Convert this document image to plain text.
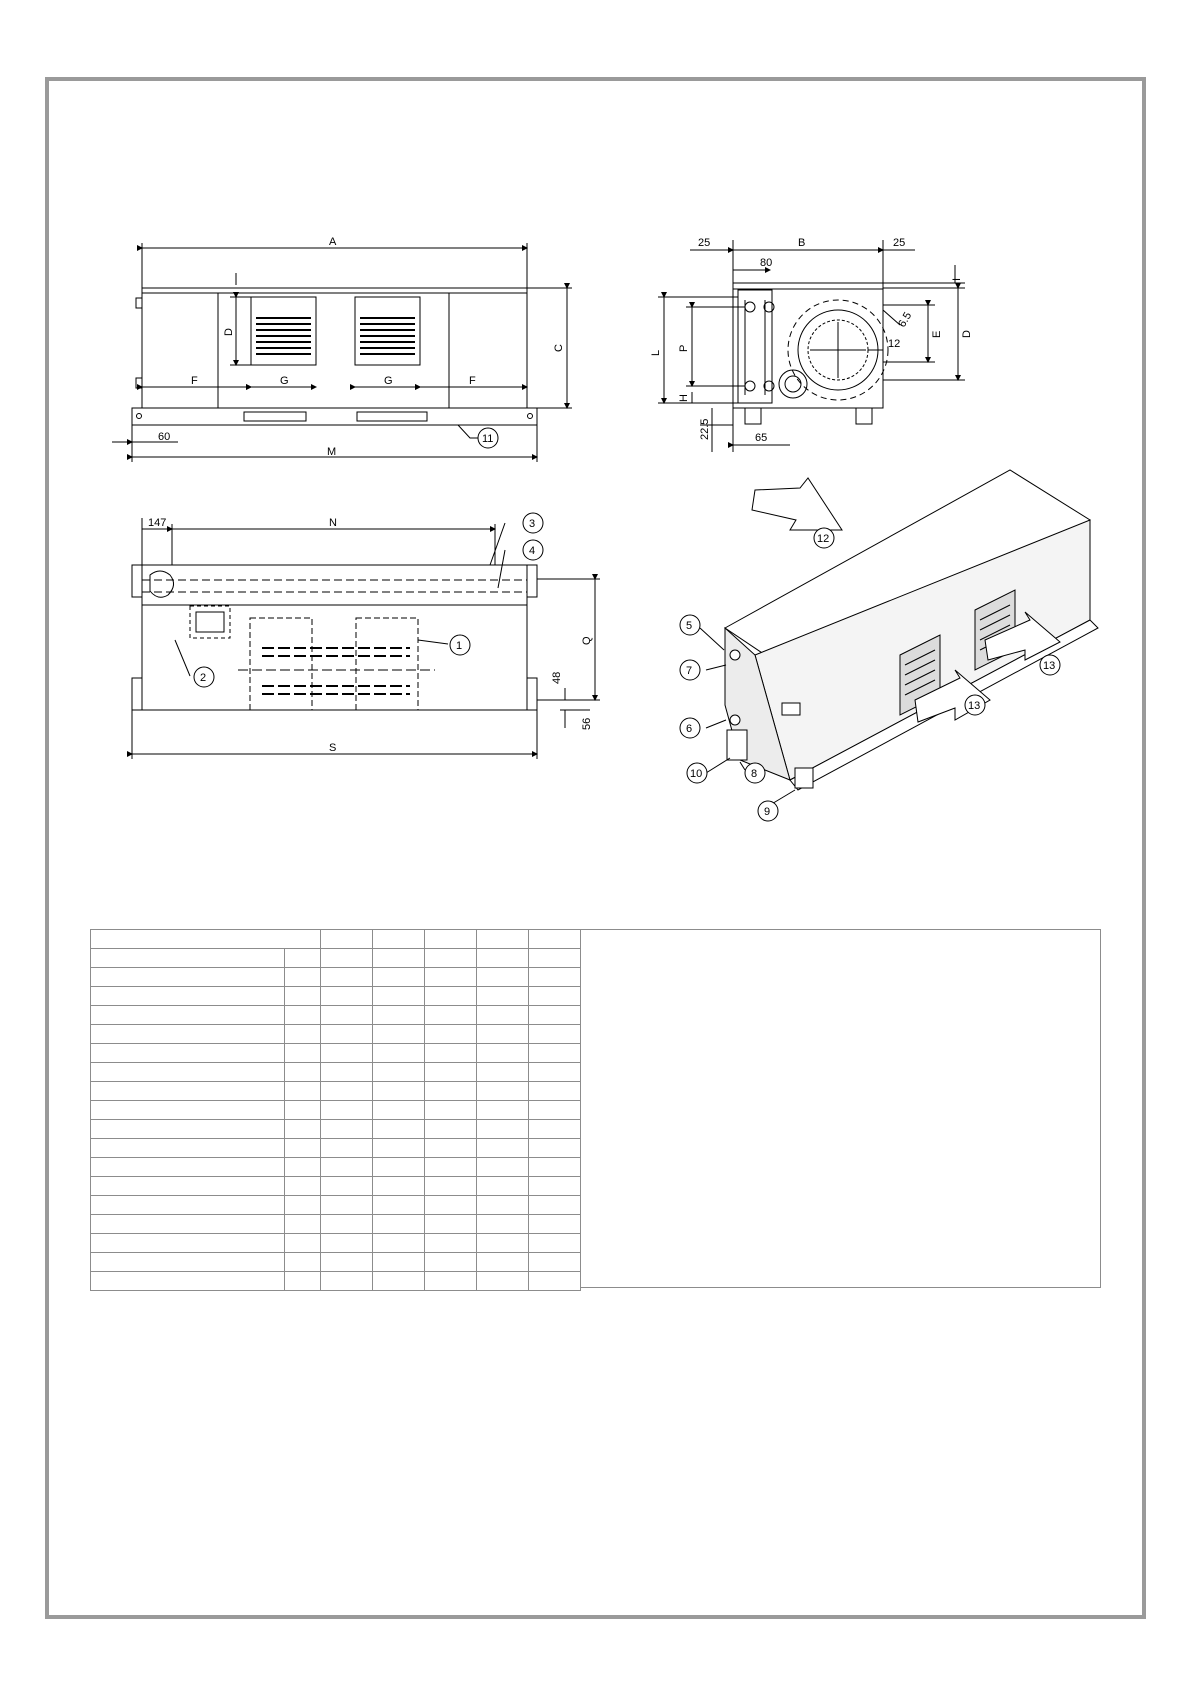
A
C
D
F	G	G	F
M
60	11
25	B	25
80
L
P
H
E D
I
6.5
12
22.5	65
147	N
Q
48
56
S
3
4
1
2
12
5
7
6
10	8
9
13
13
